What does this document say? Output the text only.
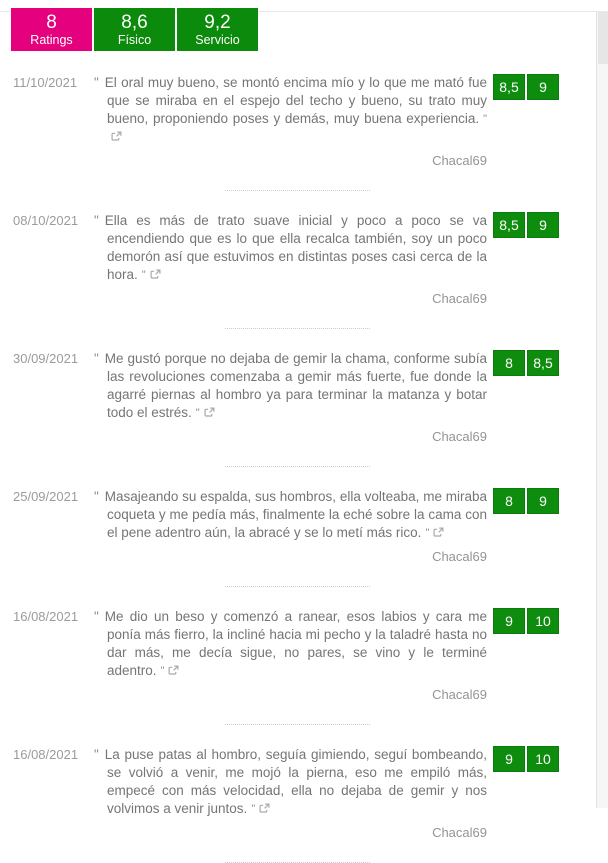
8
Ratings
8,6
Físico
9,2
Servicio
11/10/2021	" El oral muy bueno, se montó encima mío y lo que me mató fue que se miraba en el espejo del techo y bueno, su trato muy bueno, proponiendo poses y demás, muy buena experiencia. "

Chacal69
8,5	9
08/10/2021	" Ella es más de trato suave inicial y poco a poco se va encendiendo que es lo que ella recalca también, soy un poco demorón así que estuvimos en distintas poses casi cerca de la hora. "

Chacal69
8,5	9
30/09/2021	" Me gustó porque no dejaba de gemir la chama, conforme subía las revoluciones comenzaba a gemir más fuerte, fue donde la agarré piernas al hombro ya para terminar la matanza y botar todo el estrés. "

Chacal69
8	8,5
25/09/2021	" Masajeando su espalda, sus hombros, ella volteaba, me miraba coqueta y me pedía más, finalmente la eché sobre la cama con el pene adentro aún, la abracé y se lo metí más rico. "

Chacal69
8	9
16/08/2021	" Me dio un beso y comenzó a ranear, esos labios y cara me ponía más fierro, la incliné hacia mi pecho y la taladré hasta no dar más, me decía sigue, no pares, se vino y le terminé adentro. "

Chacal69
9	10
16/08/2021	" La puse patas al hombro, seguía gimiendo, seguí bombeando, se volvió a venir, me mojó la pierna, eso me empiló más, empecé con más velocidad, ella no dejaba de gemir y nos volvimos a venir juntos. "

Chacal69
9	10
